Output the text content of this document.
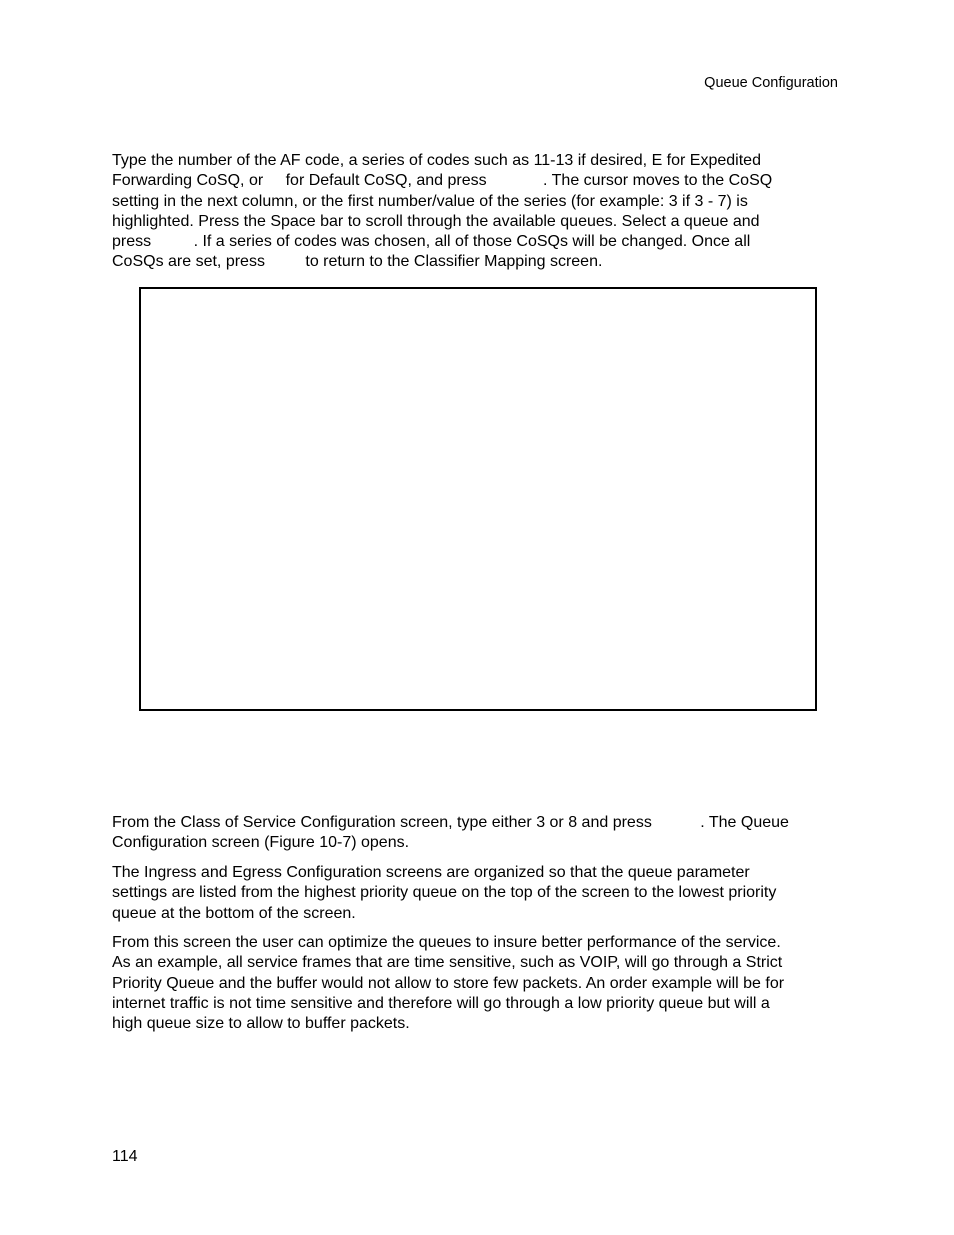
Queue Configuration
Type the number of the AF code, a series of codes such as 11-13 if desired, E for Expedited
Forwarding CoSQ, or for Default CoSQ, and press	. The cursor moves to the CoSQ
setting in the next column, or the first number/value of the series (for example: 3 if 3 - 7) is
highlighted. Press the Space bar to scroll through the available queues. Select a queue and
press . If a series of codes was chosen, all of those CoSQs will be changed. Once all
CoSQs are set, press to return to the Classifier Mapping screen.
From the Class of Service Configuration screen, type either 3 or 8 and press	. The Queue
Configuration screen (Figure 10-7) opens.
The Ingress and Egress Configuration screens are organized so that the queue parameter
settings are listed from the highest priority queue on the top of the screen to the lowest priority
queue at the bottom of the screen.
From this screen the user can optimize the queues to insure better performance of the service.
As an example, all service frames that are time sensitive, such as VOIP, will go through a Strict
Priority Queue and the buffer would not allow to store few packets. An order example will be for
internet traffic is not time sensitive and therefore will go through a low priority queue but will a
high queue size to allow to buffer packets.
114
